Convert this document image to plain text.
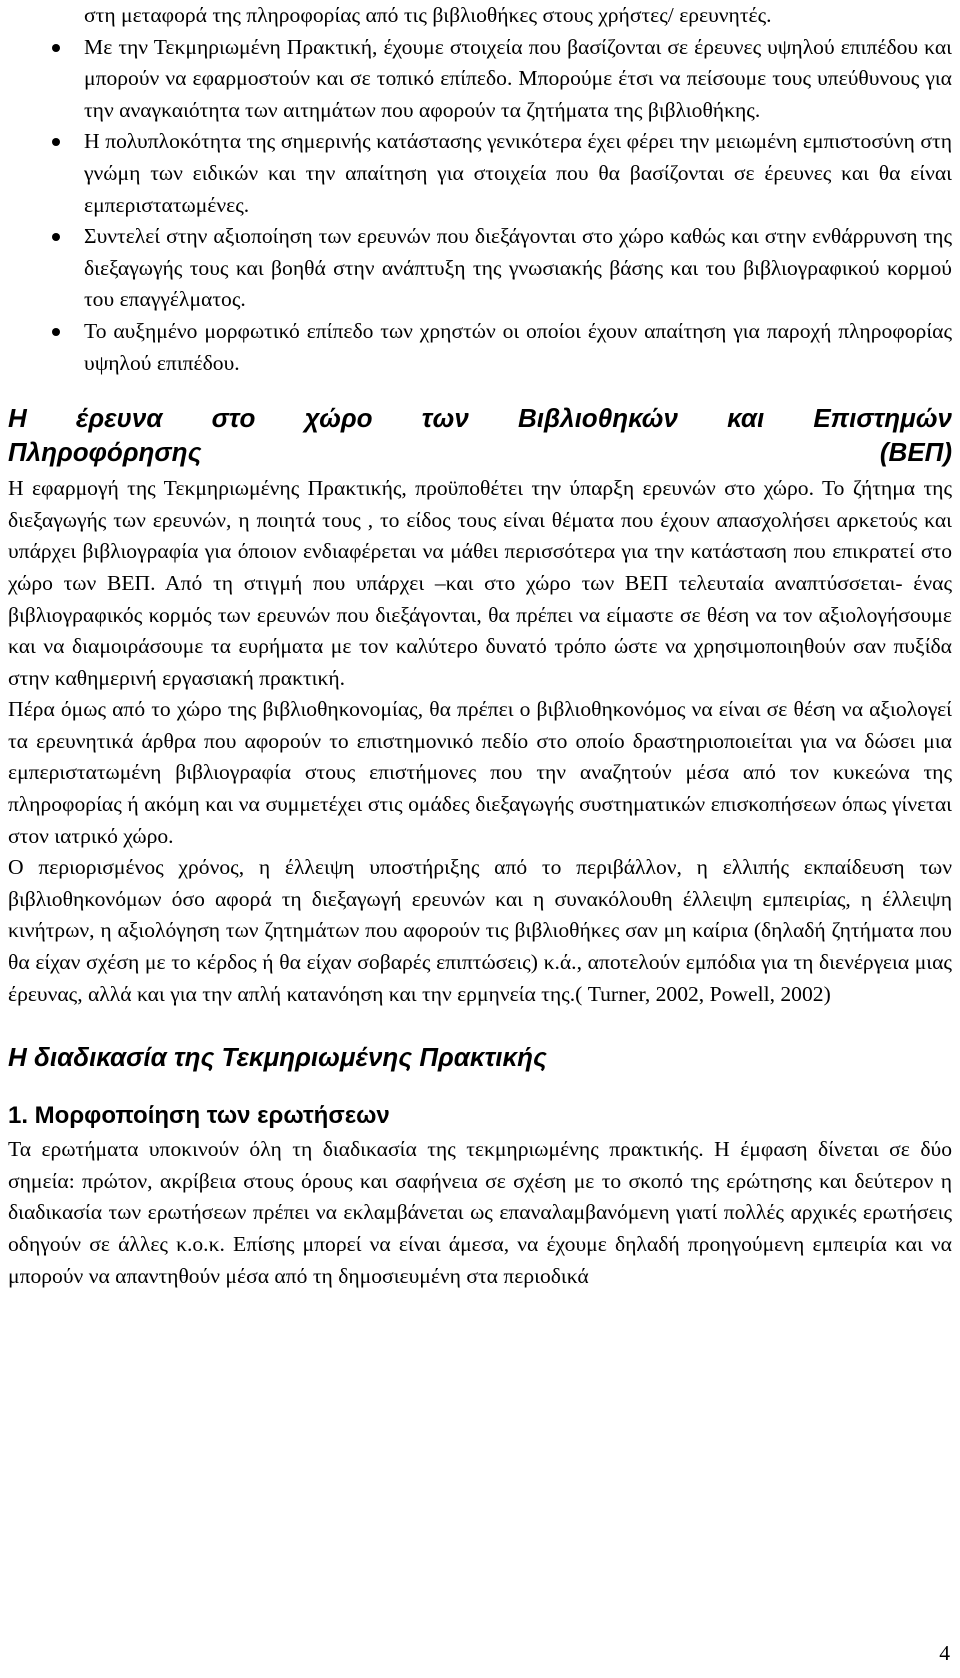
στη μεταφορά της πληροφορίας από τις βιβλιοθήκες στους χρήστες/ ερευνητές.
Με την Τεκμηριωμένη Πρακτική, έχουμε στοιχεία που βασίζονται σε έρευνες υψηλού επιπέδου και μπορούν να εφαρμοστούν και σε τοπικό επίπεδο. Μπορούμε έτσι να πείσουμε τους υπεύθυνους για την αναγκαιότητα των αιτημάτων που αφορούν τα ζητήματα της βιβλιοθήκης.
Η πολυπλοκότητα της σημερινής κατάστασης γενικότερα έχει φέρει την μειωμένη εμπιστοσύνη στη γνώμη των ειδικών και την απαίτηση για στοιχεία που θα βασίζονται σε έρευνες και θα είναι εμπεριστατωμένες.
Συντελεί στην αξιοποίηση των ερευνών που διεξάγονται στο χώρο καθώς και στην ενθάρρυνση της διεξαγωγής τους και βοηθά στην ανάπτυξη της γνωσιακής βάσης και του βιβλιογραφικού κορμού του επαγγέλματος.
Το αυξημένο μορφωτικό επίπεδο των χρηστών οι οποίοι έχουν απαίτηση για παροχή πληροφορίας υψηλού επιπέδου.
Η έρευνα στο χώρο των Βιβλιοθηκών και Επιστημών
Πληροφόρησης (ΒΕΠ)

Η εφαρμογή της Τεκμηριωμένης Πρακτικής, προϋποθέτει την ύπαρξη ερευνών στο χώρο. Το ζήτημα της διεξαγωγής των ερευνών, η ποιητά τους , το είδος τους είναι θέματα που έχουν απασχολήσει αρκετούς και υπάρχει βιβλιογραφία για όποιον ενδιαφέρεται να μάθει περισσότερα για την κατάσταση που επικρατεί στο χώρο των ΒΕΠ. Από τη στιγμή που υπάρχει –και στο χώρο των ΒΕΠ τελευταία αναπτύσσεται- ένας βιβλιογραφικός κορμός των ερευνών που διεξάγονται, θα πρέπει να είμαστε σε θέση να τον αξιολογήσουμε και να διαμοιράσουμε τα ευρήματα με τον καλύτερο δυνατό τρόπο ώστε να χρησιμοποιηθούν σαν πυξίδα στην καθημερινή εργασιακή πρακτική.

Πέρα όμως από το χώρο της βιβλιοθηκονομίας, θα πρέπει ο βιβλιοθηκονόμος να είναι σε θέση να αξιολογεί τα ερευνητικά άρθρα που αφορούν το επιστημονικό πεδίο στο οποίο δραστηριοποιείται για να δώσει μια εμπεριστατωμένη βιβλιογραφία στους επιστήμονες που την αναζητούν μέσα από τον κυκεώνα της πληροφορίας ή ακόμη και να συμμετέχει στις ομάδες διεξαγωγής συστηματικών επισκοπήσεων όπως γίνεται στον ιατρικό χώρο.

Ο περιορισμένος χρόνος, η έλλειψη υποστήριξης από το περιβάλλον, η ελλιπής εκπαίδευση των βιβλιοθηκονόμων όσο αφορά τη διεξαγωγή ερευνών και η συνακόλουθη έλλειψη εμπειρίας, η έλλειψη κινήτρων, η αξιολόγηση των ζητημάτων που αφορούν τις βιβλιοθήκες σαν μη καίρια (δηλαδή ζητήματα που θα είχαν σχέση με το κέρδος ή θα είχαν σοβαρές επιπτώσεις) κ.ά., αποτελούν εμπόδια για τη διενέργεια μιας έρευνας, αλλά και για την απλή κατανόηση και την ερμηνεία της.( Turner, 2002, Powell, 2002)

Η διαδικασία της Τεκμηριωμένης Πρακτικής
1. Μορφοποίηση των ερωτήσεων

Τα ερωτήματα υποκινούν όλη τη διαδικασία της τεκμηριωμένης πρακτικής. Η έμφαση δίνεται σε δύο σημεία: πρώτον, ακρίβεια στους όρους και σαφήνεια σε σχέση με το σκοπό της ερώτησης και δεύτερον η διαδικασία των ερωτήσεων πρέπει να εκλαμβάνεται ως επαναλαμβανόμενη γιατί πολλές αρχικές ερωτήσεις οδηγούν σε άλλες κ.ο.κ. Επίσης μπορεί να είναι άμεσα, να έχουμε δηλαδή προηγούμενη εμπειρία και να μπορούν να απαντηθούν μέσα από τη δημοσιευμένη στα περιοδικά

4
